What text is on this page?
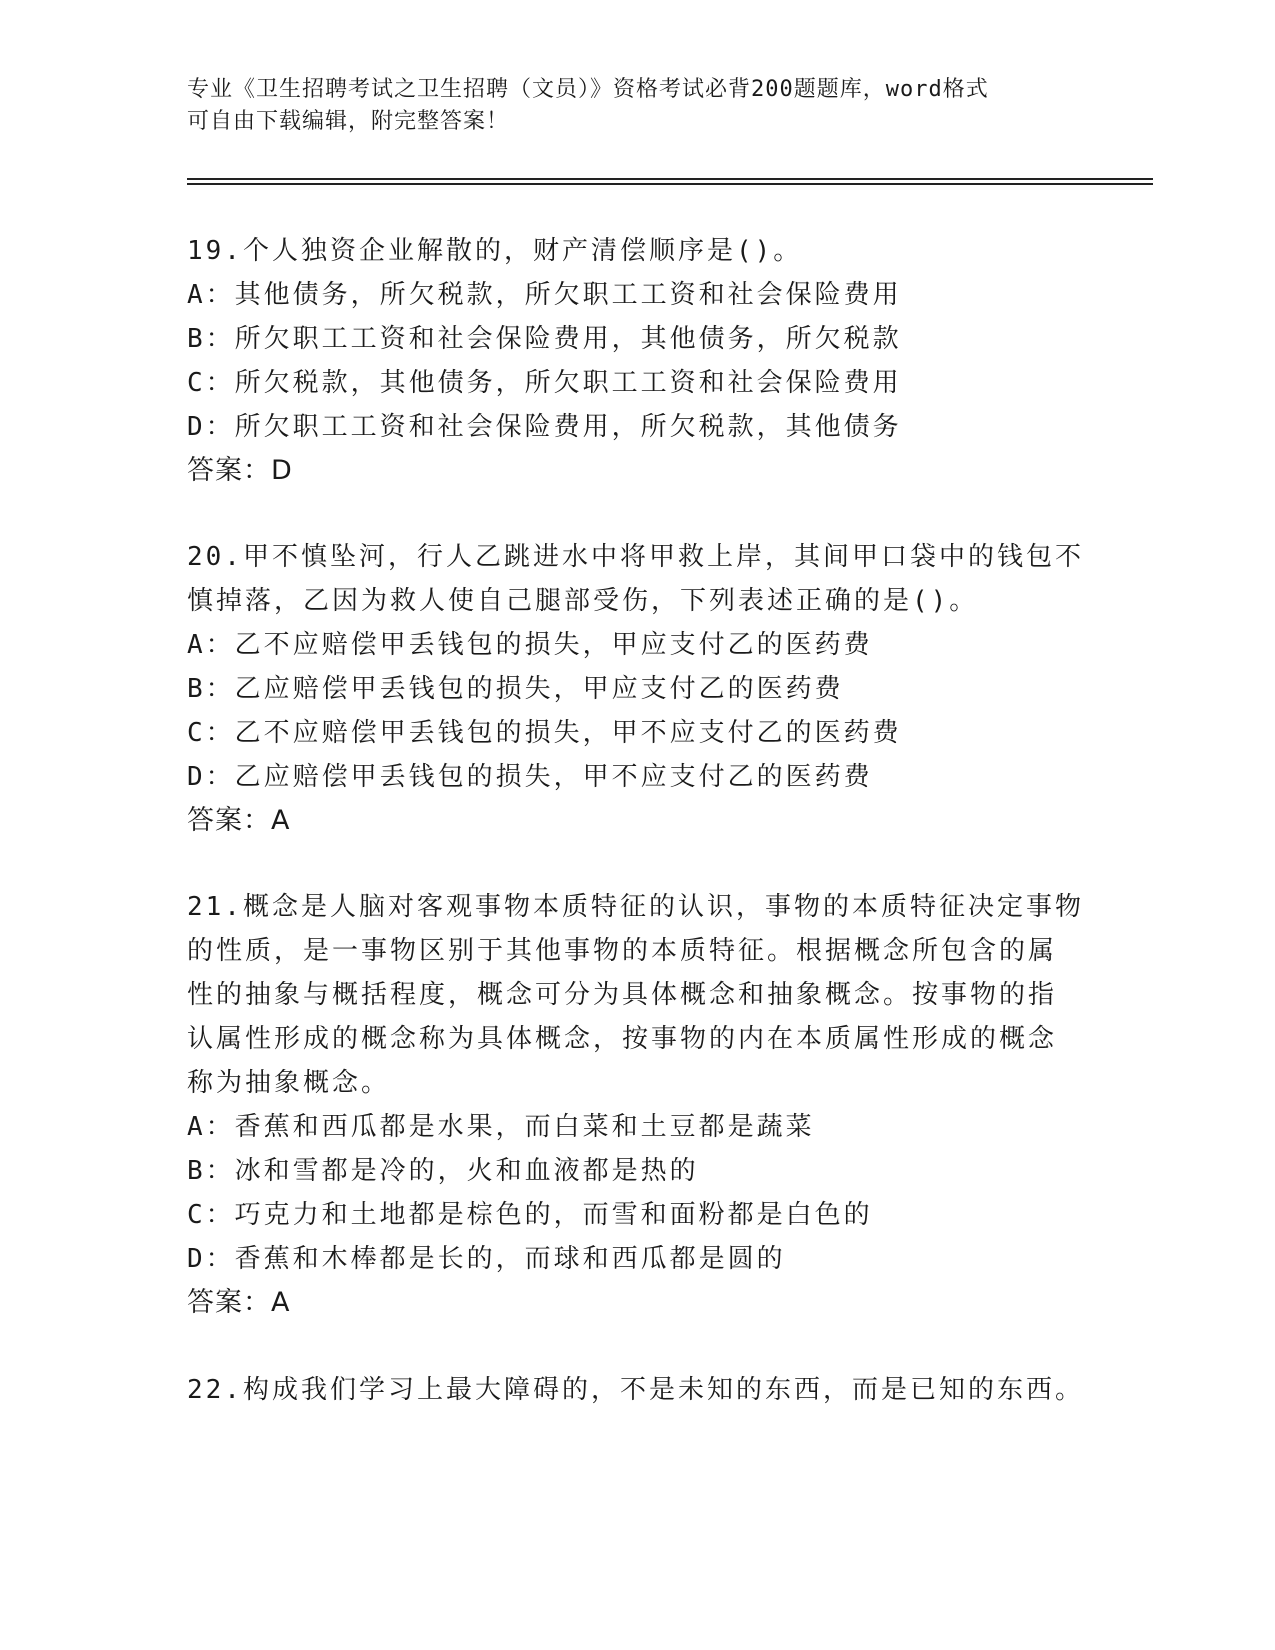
专业《卫生招聘考试之卫生招聘（文员）》资格考试必背200题题库，word格式
可自由下载编辑，附完整答案！
19.个人独资企业解散的，财产清偿顺序是()。
A：其他债务，所欠税款，所欠职工工资和社会保险费用
B：所欠职工工资和社会保险费用，其他债务，所欠税款
C：所欠税款，其他债务，所欠职工工资和社会保险费用
D：所欠职工工资和社会保险费用，所欠税款，其他债务
答案：D
20.甲不慎坠河，行人乙跳进水中将甲救上岸，其间甲口袋中的钱包不
慎掉落，乙因为救人使自己腿部受伤，下列表述正确的是()。
A：乙不应赔偿甲丢钱包的损失，甲应支付乙的医药费
B：乙应赔偿甲丢钱包的损失，甲应支付乙的医药费
C：乙不应赔偿甲丢钱包的损失，甲不应支付乙的医药费
D：乙应赔偿甲丢钱包的损失，甲不应支付乙的医药费
答案：A
21.概念是人脑对客观事物本质特征的认识，事物的本质特征决定事物
的性质，是一事物区别于其他事物的本质特征。根据概念所包含的属
性的抽象与概括程度，概念可分为具体概念和抽象概念。按事物的指
认属性形成的概念称为具体概念，按事物的内在本质属性形成的概念
称为抽象概念。
A：香蕉和西瓜都是水果，而白菜和土豆都是蔬菜
B：冰和雪都是冷的，火和血液都是热的
C：巧克力和土地都是棕色的，而雪和面粉都是白色的
D：香蕉和木棒都是长的，而球和西瓜都是圆的
答案：A
22.构成我们学习上最大障碍的，不是未知的东西，而是已知的东西。
